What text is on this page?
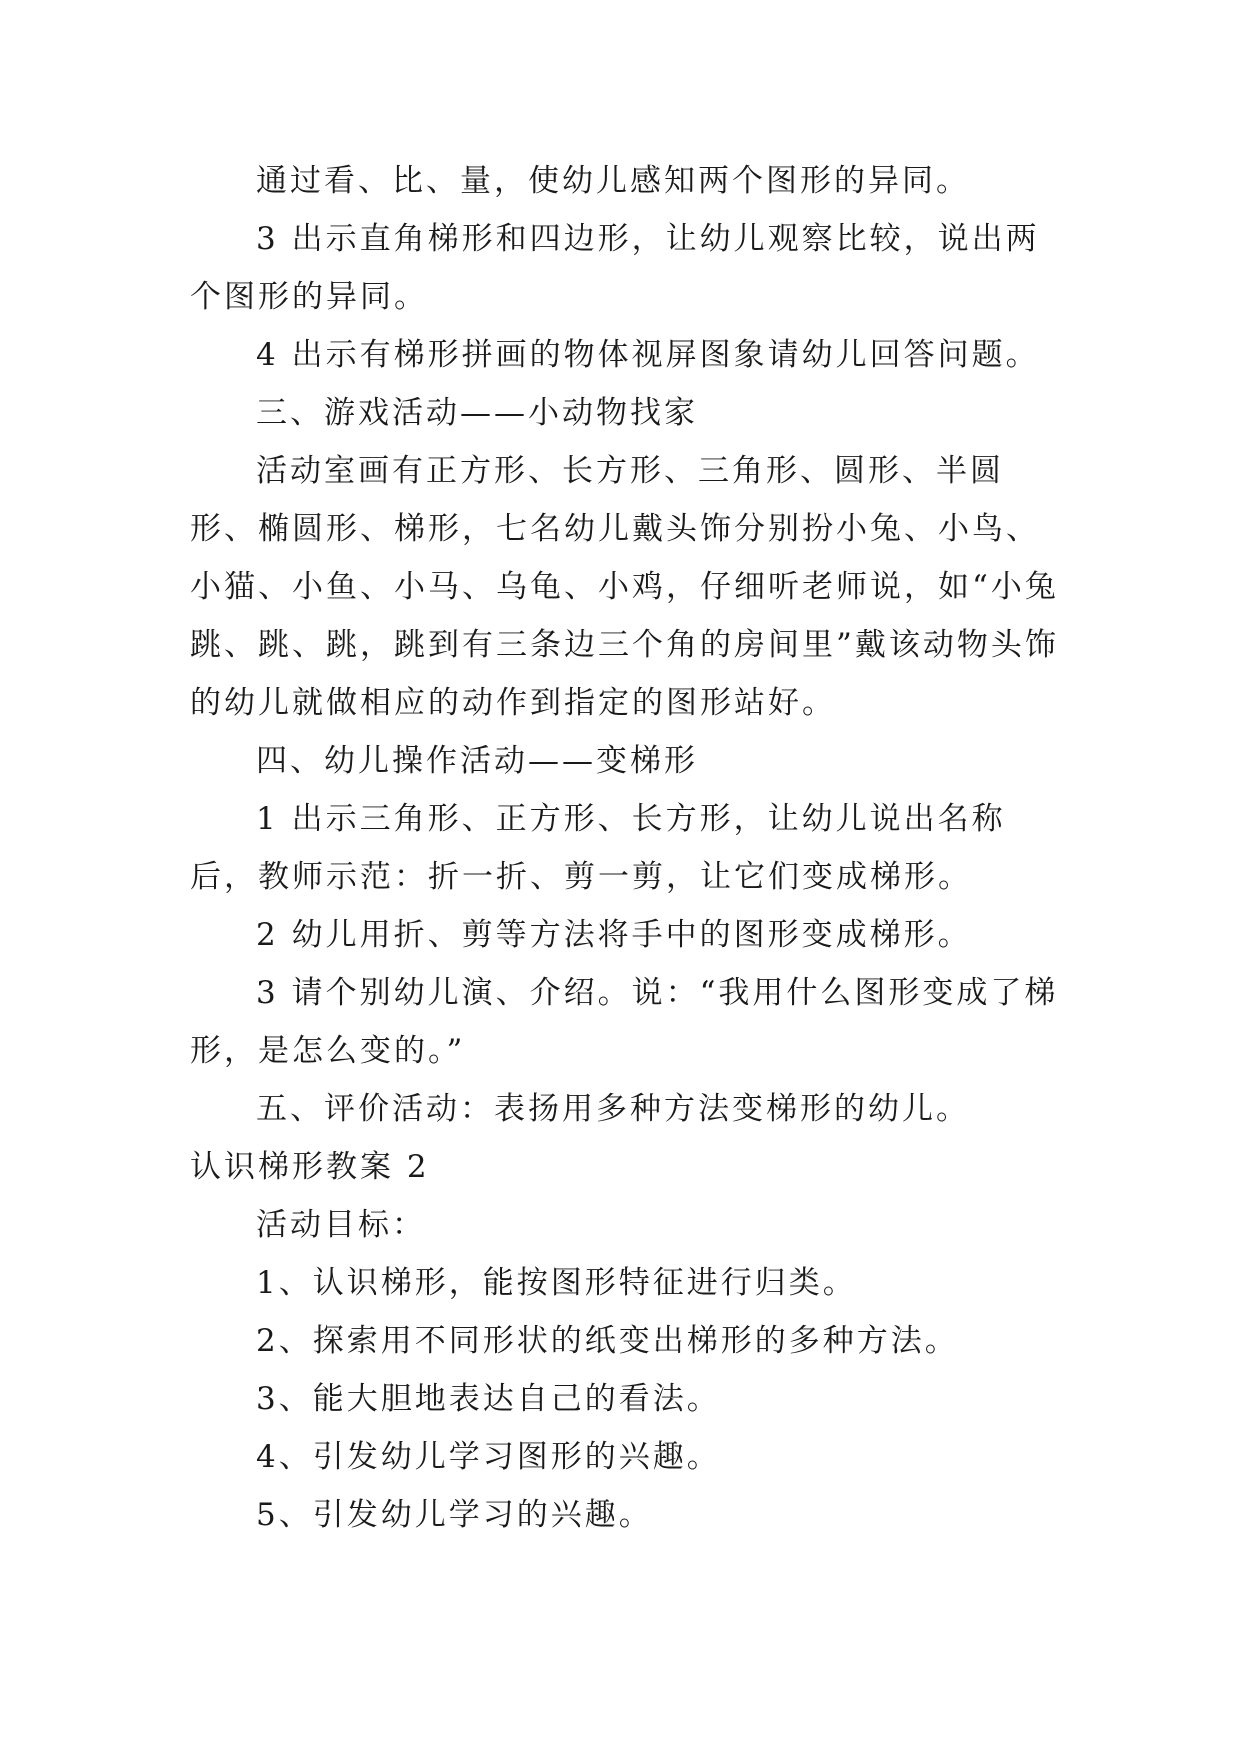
通过看、比、量，使幼儿感知两个图形的异同。

3 出示直角梯形和四边形，让幼儿观察比较，说出两个图形的异同。

4 出示有梯形拼画的物体视屏图象请幼儿回答问题。

三、游戏活动——小动物找家

活动室画有正方形、长方形、三角形、圆形、半圆形、椭圆形、梯形，七名幼儿戴头饰分别扮小兔、小鸟、小猫、小鱼、小马、乌龟、小鸡，仔细听老师说，如“小兔跳、跳、跳，跳到有三条边三个角的房间里”戴该动物头饰的幼儿就做相应的动作到指定的图形站好。

四、幼儿操作活动——变梯形

1 出示三角形、正方形、长方形，让幼儿说出名称后，教师示范：折一折、剪一剪，让它们变成梯形。

2 幼儿用折、剪等方法将手中的图形变成梯形。

3 请个别幼儿演、介绍。说：“我用什么图形变成了梯形，是怎么变的。”

五、评价活动：表扬用多种方法变梯形的幼儿。

认识梯形教案 2

活动目标：

1、认识梯形，能按图形特征进行归类。

2、探索用不同形状的纸变出梯形的多种方法。

3、能大胆地表达自己的看法。

4、引发幼儿学习图形的兴趣。

5、引发幼儿学习的兴趣。
